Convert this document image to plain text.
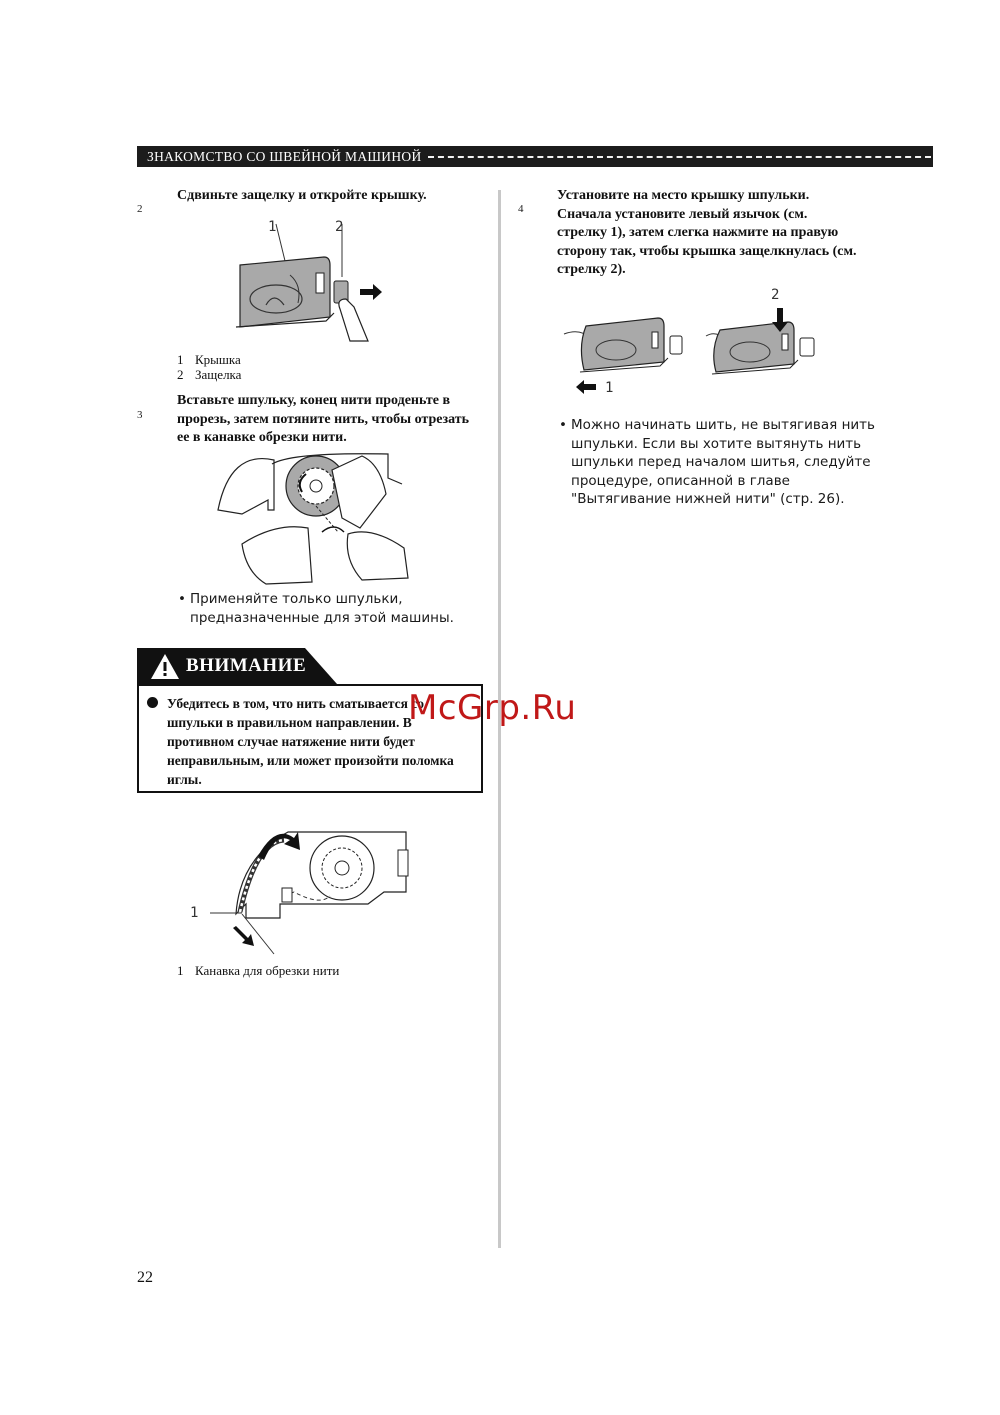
ЗНАКОМСТВО СО ШВЕЙНОЙ МАШИНОЙ
2
Сдвиньте защелку и откройте крышку.
1	2
1 Крышка
2 Защелка
3
Вставьте шпульку, конец нити проденьте в
прорезь, затем потяните нить, чтобы отрезать
ее в канавке обрезки нити.
• Применяйте только шпульки,
предназначенные для этой машины.
ВНИМАНИЕ
Убедитесь в том, что нить сматывается со
шпульки в правильном направлении. В
противном случае натяжение нити будет
неправильным, или может произойти поломка
иглы.
1
1 Канавка для обрезки нити
4
Установите на место крышку шпульки.
Сначала установите левый язычок (см.
стрелку 1), затем слегка нажмите на правую
сторону так, чтобы крышка защелкнулась (см.
стрелку 2).
1
2
• Можно начинать шить, не вытягивая нить
шпульки. Если вы хотите вытянуть нить
шпульки перед началом шитья, следуйте
процедуре, описанной в главе
"Вытягивание нижней нити" (стр. 26).
McGrp.Ru
22
